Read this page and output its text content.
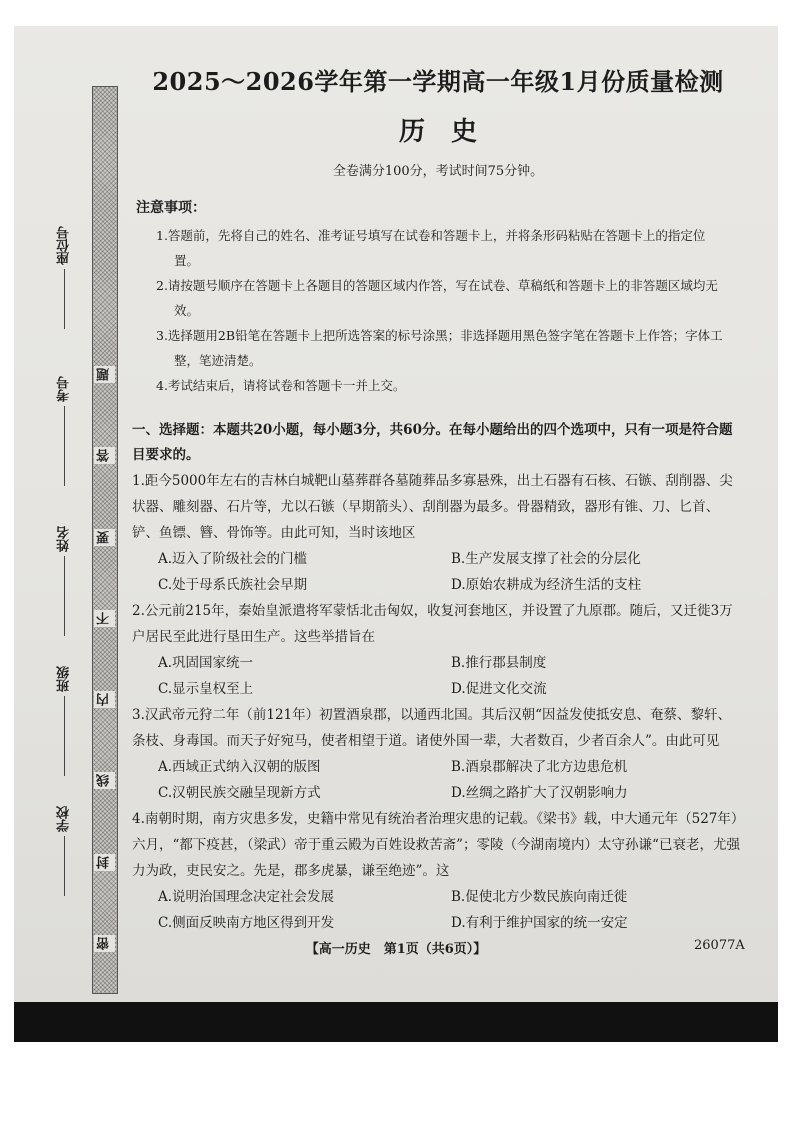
座位号
考号
姓名
班级
学校
题
答
要
不
内
线
封
密
2025～2026学年第一学期高一年级1月份质量检测
历史
全卷满分100分，考试时间75分钟。
注意事项：
1.答题前，先将自己的姓名、准考证号填写在试卷和答题卡上，并将条形码粘贴在答题卡上的指定位置。
2.请按题号顺序在答题卡上各题目的答题区域内作答，写在试卷、草稿纸和答题卡上的非答题区域均无效。
3.选择题用2B铅笔在答题卡上把所选答案的标号涂黑；非选择题用黑色签字笔在答题卡上作答；字体工整，笔迹清楚。
4.考试结束后，请将试卷和答题卡一并上交。
一、选择题：本题共20小题，每小题3分，共60分。在每小题给出的四个选项中，只有一项是符合题目要求的。
1.距今5000年左右的吉林白城靶山墓葬群各墓随葬品多寡悬殊，出土石器有石核、石镞、刮削器、尖状器、雕刻器、石片等，尤以石镞（早期箭头）、刮削器为最多。骨器精致，器形有锥、刀、匕首、铲、鱼镖、簪、骨饰等。由此可知，当时该地区
A.迈入了阶级社会的门槛	B.生产发展支撑了社会的分层化
C.处于母系氏族社会早期	D.原始农耕成为经济生活的支柱
2.公元前215年，秦始皇派遣将军蒙恬北击匈奴，收复河套地区，并设置了九原郡。随后，又迁徙3万户居民至此进行垦田生产。这些举措旨在
A.巩固国家统一	B.推行郡县制度
C.显示皇权至上	D.促进文化交流
3.汉武帝元狩二年（前121年）初置酒泉郡，以通西北国。其后汉朝“因益发使抵安息、奄蔡、黎轩、条枝、身毒国。而天子好宛马，使者相望于道。诸使外国一辈，大者数百，少者百余人”。由此可见
A.西域正式纳入汉朝的版图	B.酒泉郡解决了北方边患危机
C.汉朝民族交融呈现新方式	D.丝绸之路扩大了汉朝影响力
4.南朝时期，南方灾患多发，史籍中常见有统治者治理灾患的记载。《梁书》载，中大通元年（527年）六月，“都下疫甚，（梁武）帝于重云殿为百姓设救苦斋”；零陵（今湖南境内）太守孙谦“已衰老，尤强力为政，吏民安之。先是，郡多虎暴，谦至绝迹”。这
A.说明治国理念决定社会发展	B.促使北方少数民族向南迁徙
C.侧面反映南方地区得到开发	D.有利于维护国家的统一安定
【高一历史　第1页（共6页）】	26077A
